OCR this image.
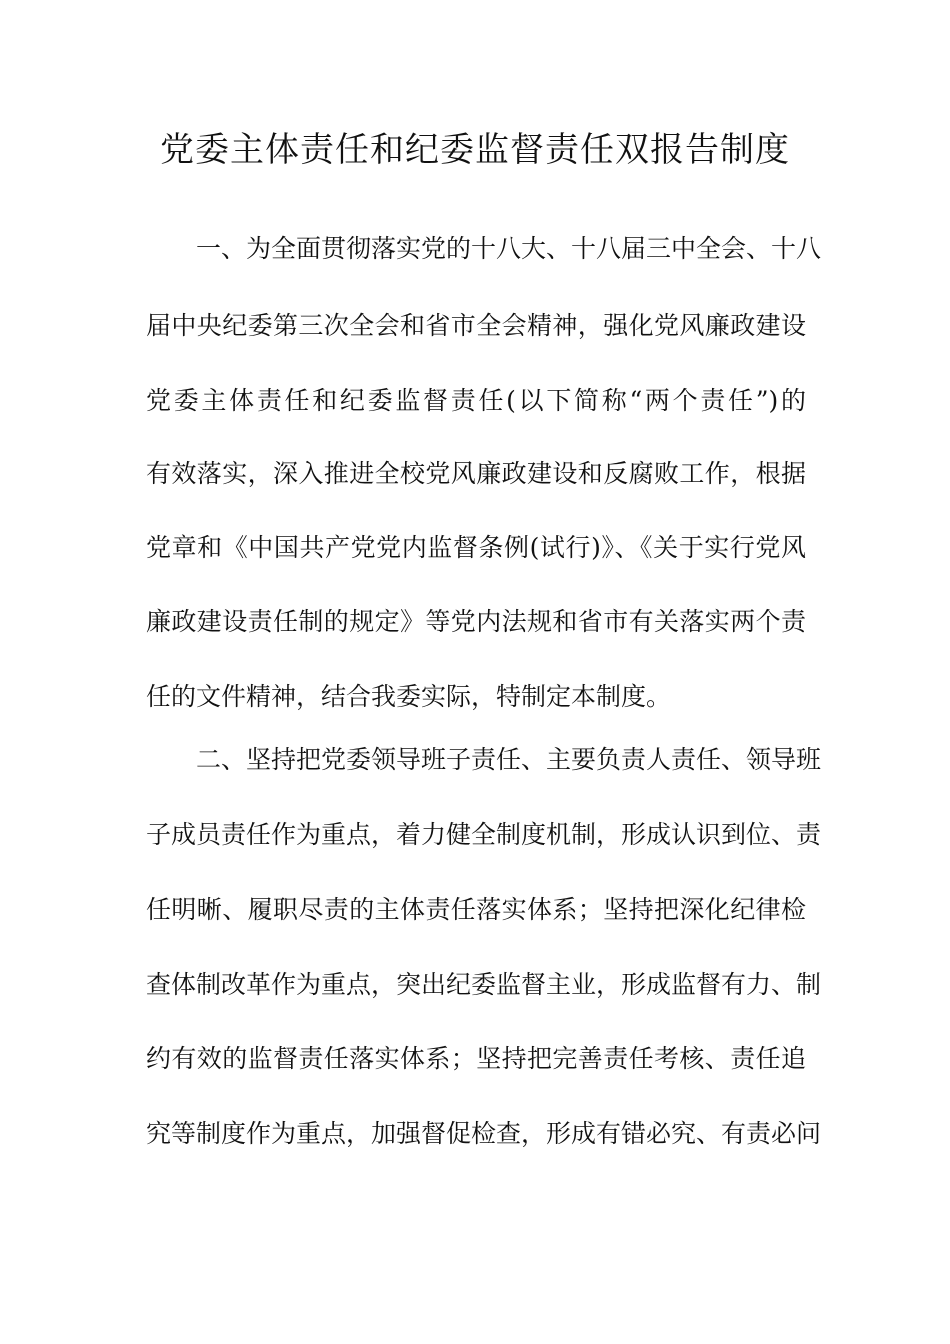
党委主体责任和纪委监督责任双报告制度
一、为全面贯彻落实党的十八大、十八届三中全会、十八
届中央纪委第三次全会和省市全会精神，强化党风廉政建设
党委主体责任和纪委监督责任(以下简称“两个责任”)的
有效落实，深入推进全校党风廉政建设和反腐败工作，根据
党章和《中国共产党党内监督条例(试行)》、《关于实行党风
廉政建设责任制的规定》等党内法规和省市有关落实两个责
任的文件精神，结合我委实际，特制定本制度。
二、坚持把党委领导班子责任、主要负责人责任、领导班
子成员责任作为重点，着力健全制度机制，形成认识到位、责
任明晰、履职尽责的主体责任落实体系；坚持把深化纪律检
查体制改革作为重点，突出纪委监督主业，形成监督有力、制
约有效的监督责任落实体系；坚持把完善责任考核、责任追
究等制度作为重点，加强督促检查，形成有错必究、有责必问
